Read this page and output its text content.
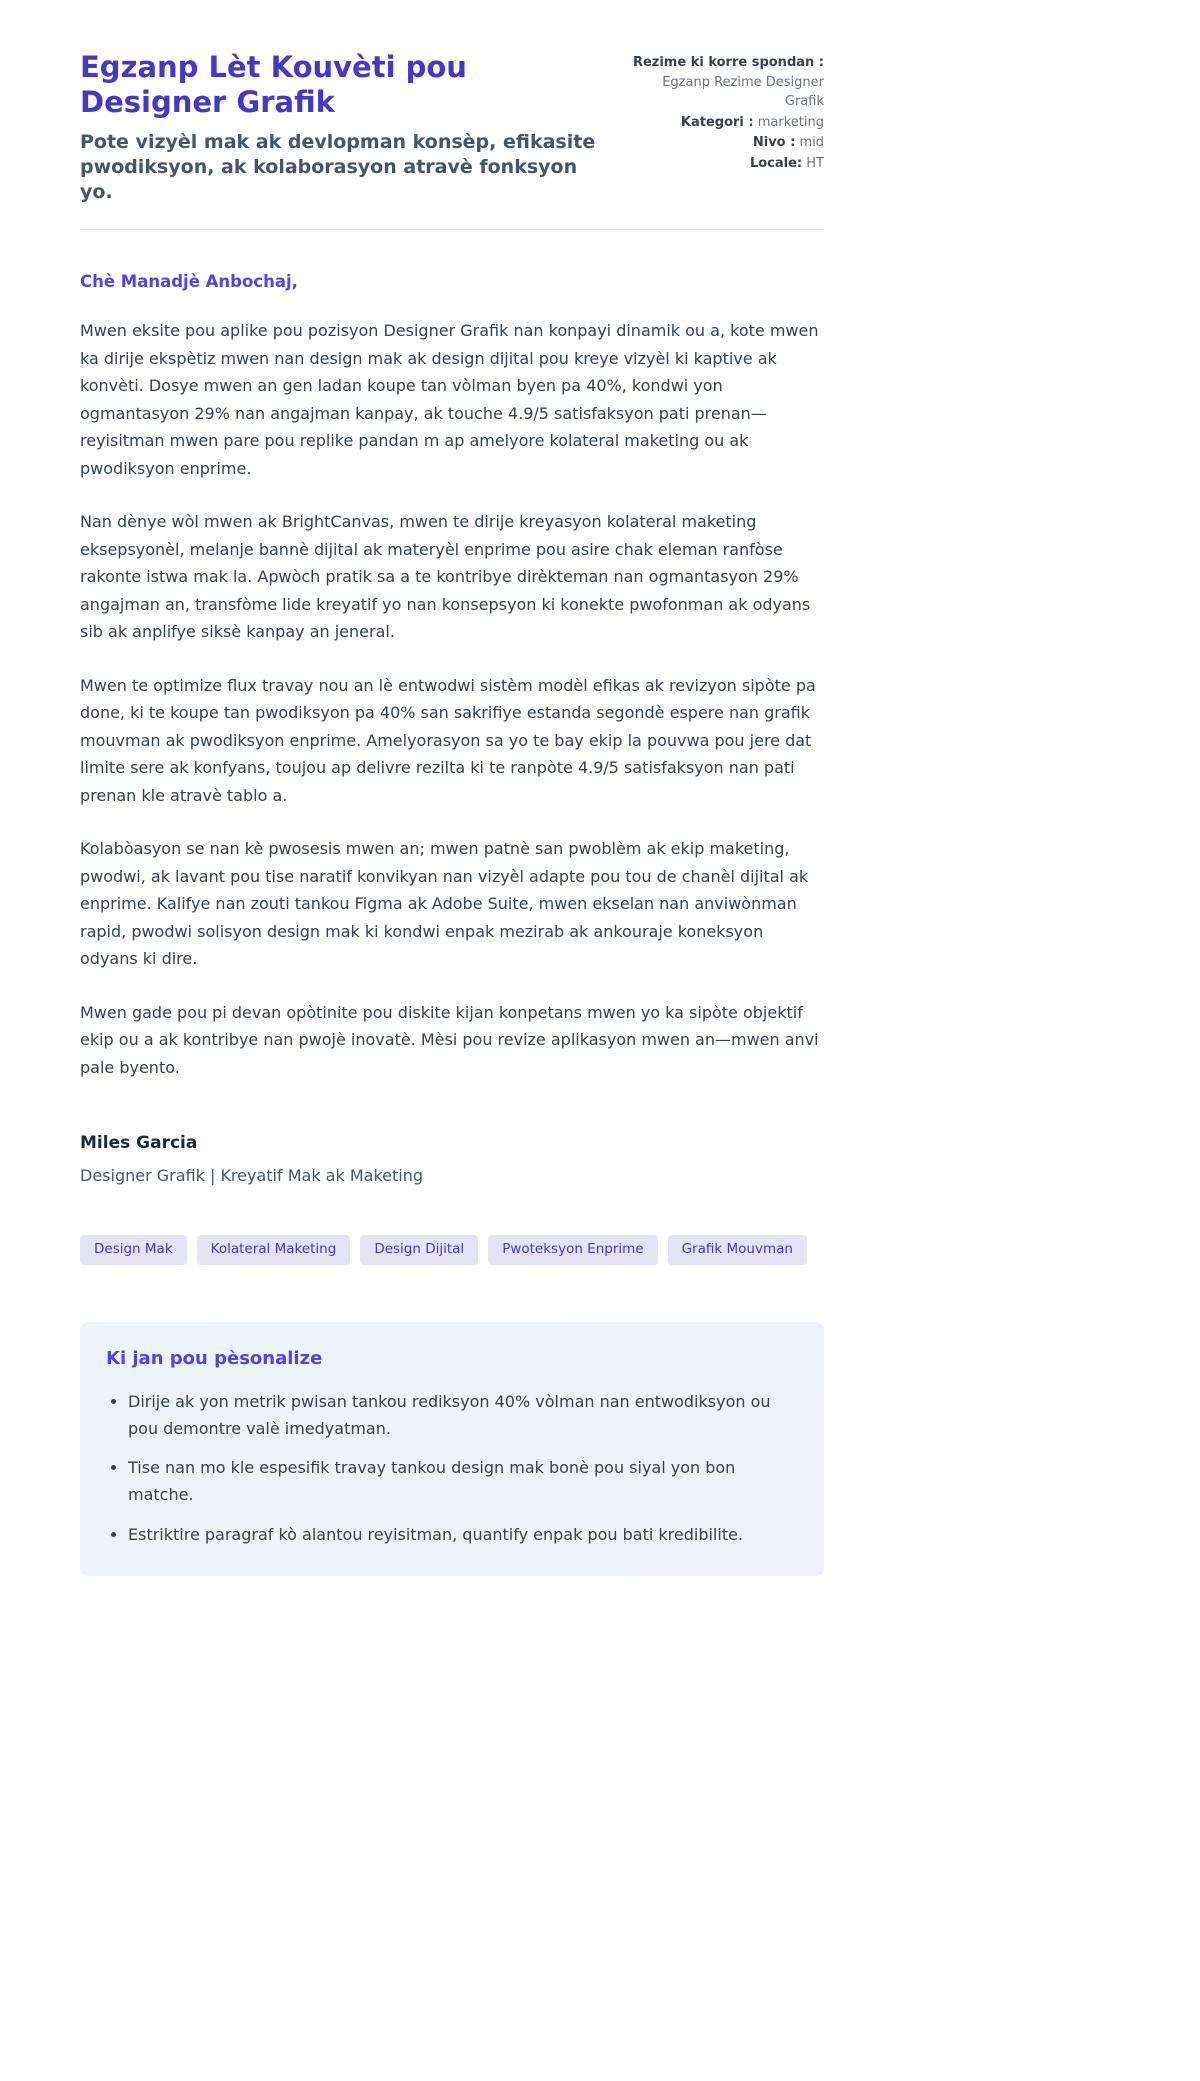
Egzanp Lèt Kouvèti pou Designer Grafik

Pote vizyèl mak ak devlopman konsèp, efikasite pwodiksyon, ak kolaborasyon atravè fonksyon yo.

Rezime ki korre spondan : Egzanp Rezime Designer Grafik
Kategori : marketing
Nivo : mid
Locale: HT

Chè Manadjè Anbochaj,

Mwen eksite pou aplike pou pozisyon Designer Grafik nan konpayi dinamik ou a, kote mwen ka dirije ekspètiz mwen nan design mak ak design dijital pou kreye vizyèl ki kaptive ak konvèti. Dosye mwen an gen ladan koupe tan vòlman byen pa 40%, kondwi yon ogmantasyon 29% nan angajman kanpay, ak touche 4.9/5 satisfaksyon pati prenan—reyisitman mwen pare pou replike pandan m ap amelyore kolateral maketing ou ak pwodiksyon enprime.

Nan dènye wòl mwen ak BrightCanvas, mwen te dirije kreyasyon kolateral maketing eksepsyonèl, melanje bannè dijital ak materyèl enprime pou asire chak eleman ranfòse rakonte istwa mak la. Apwòch pratik sa a te kontribye dirèkteman nan ogmantasyon 29% angajman an, transfòme lide kreyatif yo nan konsepsyon ki konekte pwofonman ak odyans sib ak anplifye siksè kanpay an jeneral.

Mwen te optimize flux travay nou an lè entwodwi sistèm modèl efikas ak revizyon sipòte pa done, ki te koupe tan pwodiksyon pa 40% san sakrifiye estanda segondè espere nan grafik mouvman ak pwodiksyon enprime. Amelyorasyon sa yo te bay ekip la pouvwa pou jere dat limite sere ak konfyans, toujou ap delivre rezilta ki te ranpòte 4.9/5 satisfaksyon nan pati prenan kle atravè tablo a.

Kolabòasyon se nan kè pwosesis mwen an; mwen patnè san pwoblèm ak ekip maketing, pwodwi, ak lavant pou tise naratif konvikyan nan vizyèl adapte pou tou de chanèl dijital ak enprime. Kalifye nan zouti tankou Figma ak Adobe Suite, mwen ekselan nan anviwònman rapid, pwodwi solisyon design mak ki kondwi enpak mezirab ak ankouraje koneksyon odyans ki dire.

Mwen gade pou pi devan opòtinite pou diskite kijan konpetans mwen yo ka sipòte objektif ekip ou a ak kontribye nan pwojè inovatè. Mèsi pou revize aplikasyon mwen an—mwen anvi pale byento.

Miles Garcia

Designer Grafik | Kreyatif Mak ak Maketing

Design Mak	Kolateral Maketing	Design Dijital	Pwoteksyon Enprime	Grafik Mouvman
Ki jan pou pèsonalize
• Dirije ak yon metrik pwisan tankou rediksyon 40% vòlman nan entwodiksyon ou pou demontre valè imedyatman.
• Tise nan mo kle espesifik travay tankou design mak bonè pou siyal yon bon matche.
• Estriktire paragraf kò alantou reyisitman, quantify enpak pou bati kredibilite.
